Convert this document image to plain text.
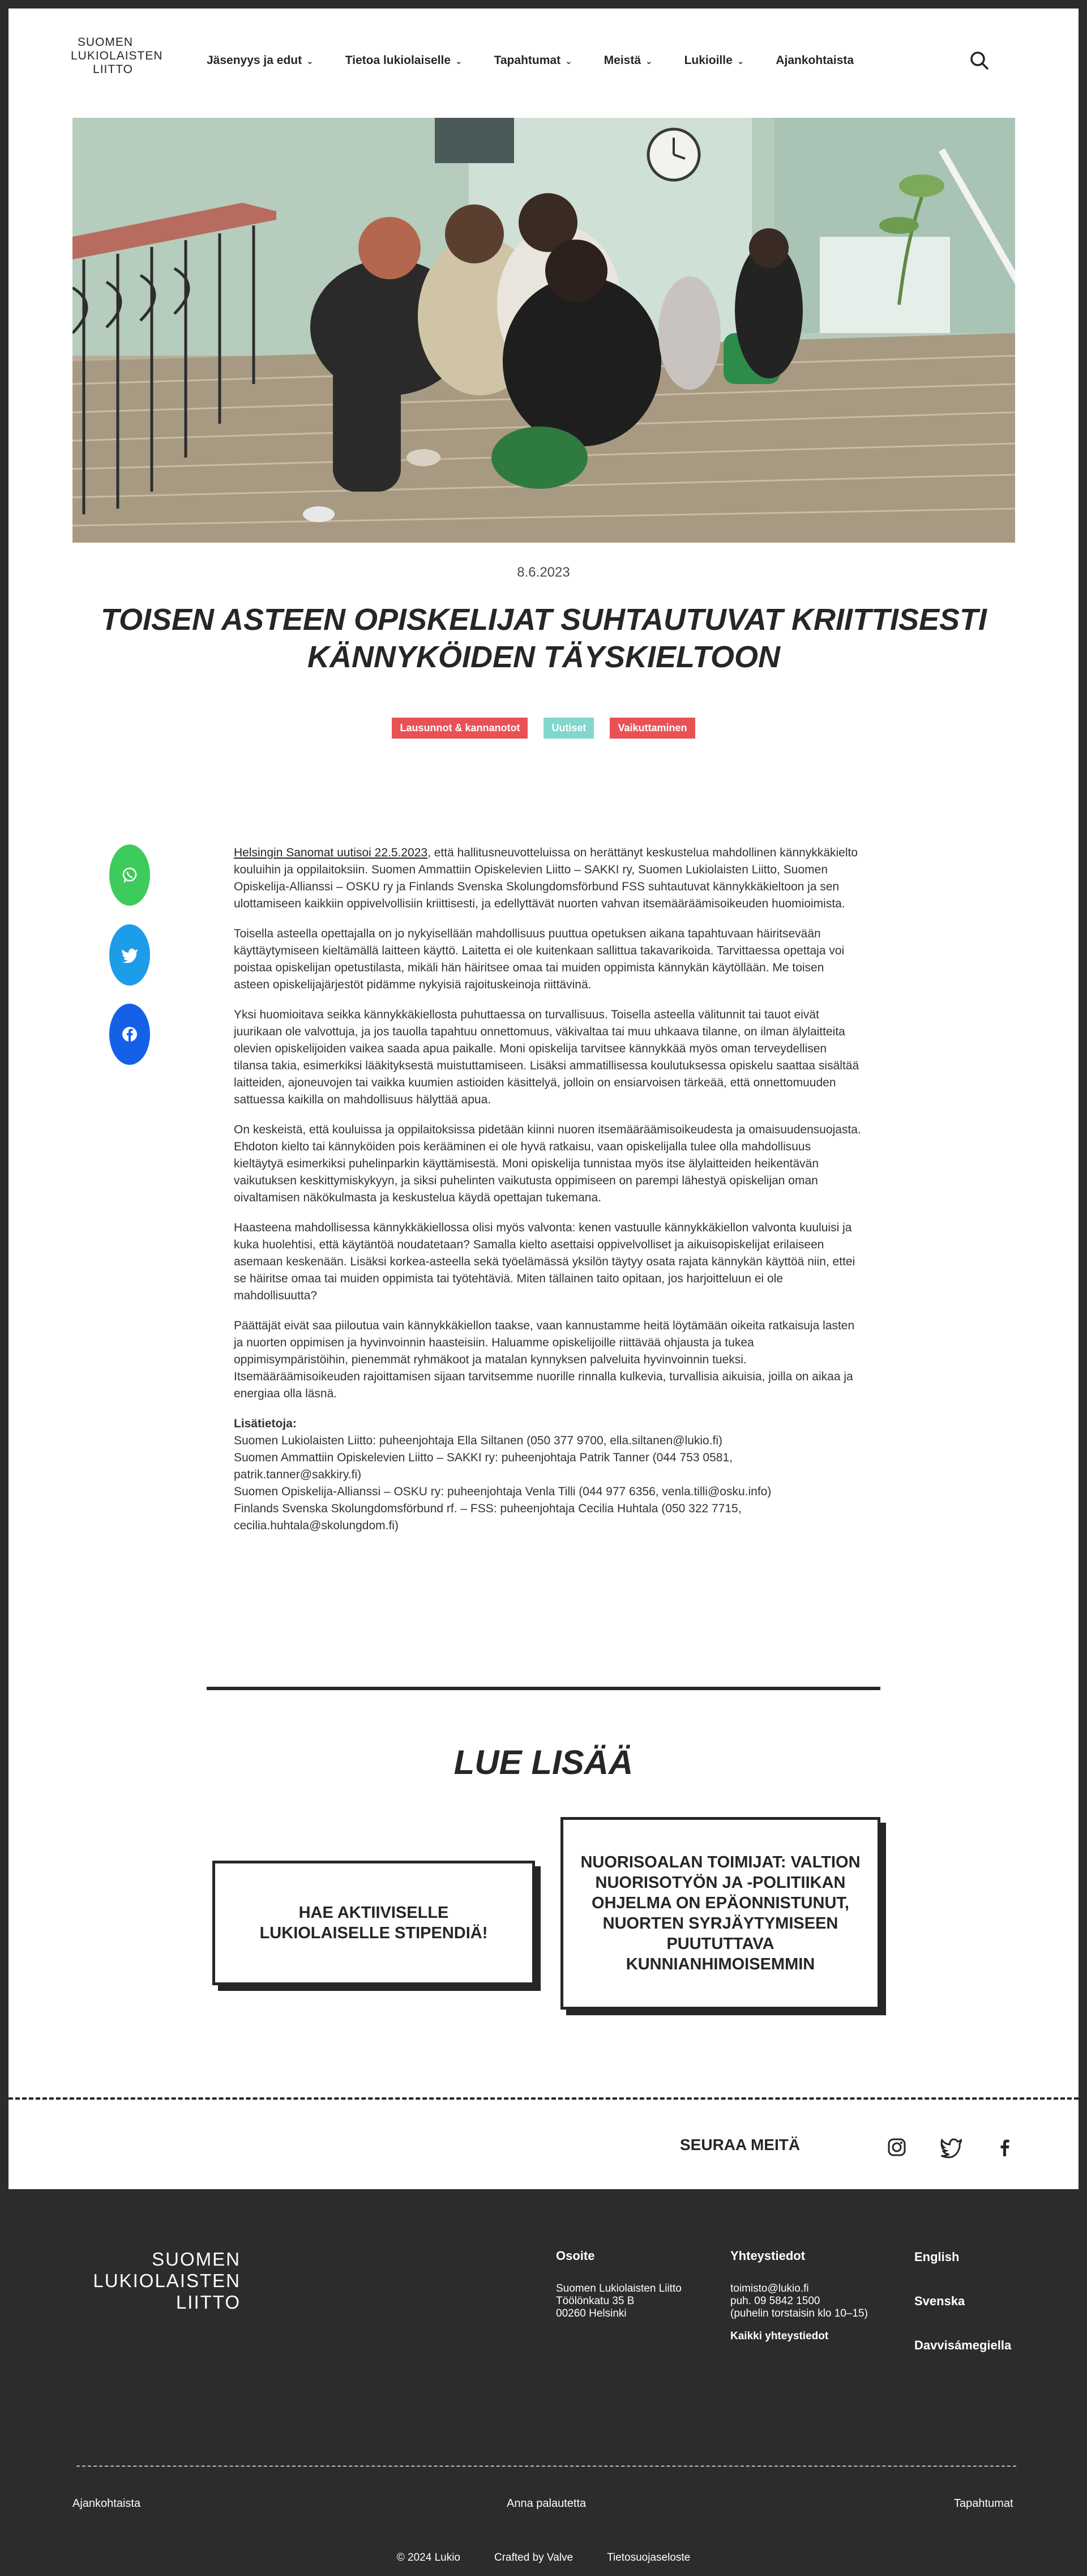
SUOMEN
LUKIOLAISTEN
LIITTO
Jäsenyys ja edut ⌄	Tietoa lukiolaiselle ⌄	Tapahtumat ⌄	Meistä ⌄	Lukioille ⌄	Ajankohtaista
8.6.2023
TOISEN ASTEEN OPISKELIJAT SUHTAUTUVAT KRIITTISESTI KÄNNYKÖIDEN TÄYSKIELTOON
Lausunnot & kannanotot	Uutiset	Vaikuttaminen

Helsingin Sanomat uutisoi 22.5.2023, että hallitusneuvotteluissa on herättänyt keskustelua mahdollinen kännykkäkielto kouluihin ja oppilaitoksiin. Suomen Ammattiin Opiskelevien Liitto – SAKKI ry, Suomen Lukiolaisten Liitto, Suomen Opiskelija-Allianssi – OSKU ry ja Finlands Svenska Skolungdomsförbund FSS suhtautuvat kännykkäkieltoon ja sen ulottamiseen kaikkiin oppivelvollisiin kriittisesti, ja edellyttävät nuorten vahvan itsemääräämisoikeuden huomioimista.

Toisella asteella opettajalla on jo nykyisellään mahdollisuus puuttua opetuksen aikana tapahtuvaan häiritsevään käyttäytymiseen kieltämällä laitteen käyttö. Laitetta ei ole kuitenkaan sallittua takavarikoida. Tarvittaessa opettaja voi poistaa opiskelijan opetustilasta, mikäli hän häiritsee omaa tai muiden oppimista kännykän käytöllään. Me toisen asteen opiskelijajärjestöt pidämme nykyisiä rajoituskeinoja riittävinä.

Yksi huomioitava seikka kännykkäkiellosta puhuttaessa on turvallisuus. Toisella asteella välitunnit tai tauot eivät juurikaan ole valvottuja, ja jos tauolla tapahtuu onnettomuus, väkivaltaa tai muu uhkaava tilanne, on ilman älylaitteita olevien opiskelijoiden vaikea saada apua paikalle. Moni opiskelija tarvitsee kännykkää myös oman terveydellisen tilansa takia, esimerkiksi lääkityksestä muistuttamiseen. Lisäksi ammatillisessa koulutuksessa opiskelu saattaa sisältää laitteiden, ajoneuvojen tai vaikka kuumien astioiden käsittelyä, jolloin on ensiarvoisen tärkeää, että onnettomuuden sattuessa kaikilla on mahdollisuus hälyttää apua.

On keskeistä, että kouluissa ja oppilaitoksissa pidetään kiinni nuoren itsemääräämisoikeudesta ja omaisuudensuojasta. Ehdoton kielto tai kännyköiden pois kerääminen ei ole hyvä ratkaisu, vaan opiskelijalla tulee olla mahdollisuus kieltäytyä esimerkiksi puhelinparkin käyttämisestä. Moni opiskelija tunnistaa myös itse älylaitteiden heikentävän vaikutuksen keskittymiskykyyn, ja siksi puhelinten vaikutusta oppimiseen on parempi lähestyä opiskelijan oman oivaltamisen näkökulmasta ja keskustelua käydä opettajan tukemana.

Haasteena mahdollisessa kännykkäkiellossa olisi myös valvonta: kenen vastuulle kännykkäkiellon valvonta kuuluisi ja kuka huolehtisi, että käytäntöä noudatetaan? Samalla kielto asettaisi oppivelvolliset ja aikuisopiskelijat erilaiseen asemaan keskenään. Lisäksi korkea-asteella sekä työelämässä yksilön täytyy osata rajata kännykän käyttöä niin, ettei se häiritse omaa tai muiden oppimista tai työtehtäviä. Miten tällainen taito opitaan, jos harjoitteluun ei ole mahdollisuutta?

Päättäjät eivät saa piiloutua vain kännykkäkiellon taakse, vaan kannustamme heitä löytämään oikeita ratkaisuja lasten ja nuorten oppimisen ja hyvinvoinnin haasteisiin. Haluamme opiskelijoille riittävää ohjausta ja tukea oppimisympäristöihin, pienemmät ryhmäkoot ja matalan kynnyksen palveluita hyvinvoinnin tueksi. Itsemääräämisoikeuden rajoittamisen sijaan tarvitsemme nuorille rinnalla kulkevia, turvallisia aikuisia, joilla on aikaa ja energiaa olla läsnä.

Lisätietoja:

Suomen Lukiolaisten Liitto: puheenjohtaja Ella Siltanen (050 377 9700, ella.siltanen@lukio.fi)

Suomen Ammattiin Opiskelevien Liitto – SAKKI ry: puheenjohtaja Patrik Tanner (044 753 0581, patrik.tanner@sakkiry.fi)

Suomen Opiskelija-Allianssi – OSKU ry: puheenjohtaja Venla Tilli (044 977 6356, venla.tilli@osku.info)

Finlands Svenska Skolungdomsförbund rf. – FSS: puheenjohtaja Cecilia Huhtala (050 322 7715, cecilia.huhtala@skolungdom.fi)

LUE LISÄÄ
HAE AKTIIVISELLE LUKIOLAISELLE STIPENDIÄ!
NUORISOALAN TOIMIJAT: VALTION NUORISOTYÖN JA -POLITIIKAN OHJELMA ON EPÄONNISTUNUT, NUORTEN SYRJÄYTYMISEEN PUUTUTTAVA KUNNIANHIMOISEMMIN
SEURAA MEITÄ
SUOMEN
LUKIOLAISTEN
LIITTO
Osoite
Suomen Lukiolaisten Liitto
Töölönkatu 35 B
00260 Helsinki
Yhteystiedot
toimisto@lukio.fi
puh. 09 5842 1500
(puhelin torstaisin klo 10–15)
Kaikki yhteystiedot
English
Svenska
Davvisámegiella
Ajankohtaista	Anna palautetta	Tapahtumat
© 2024 Lukio	Crafted by Valve	Tietosuojaseloste
